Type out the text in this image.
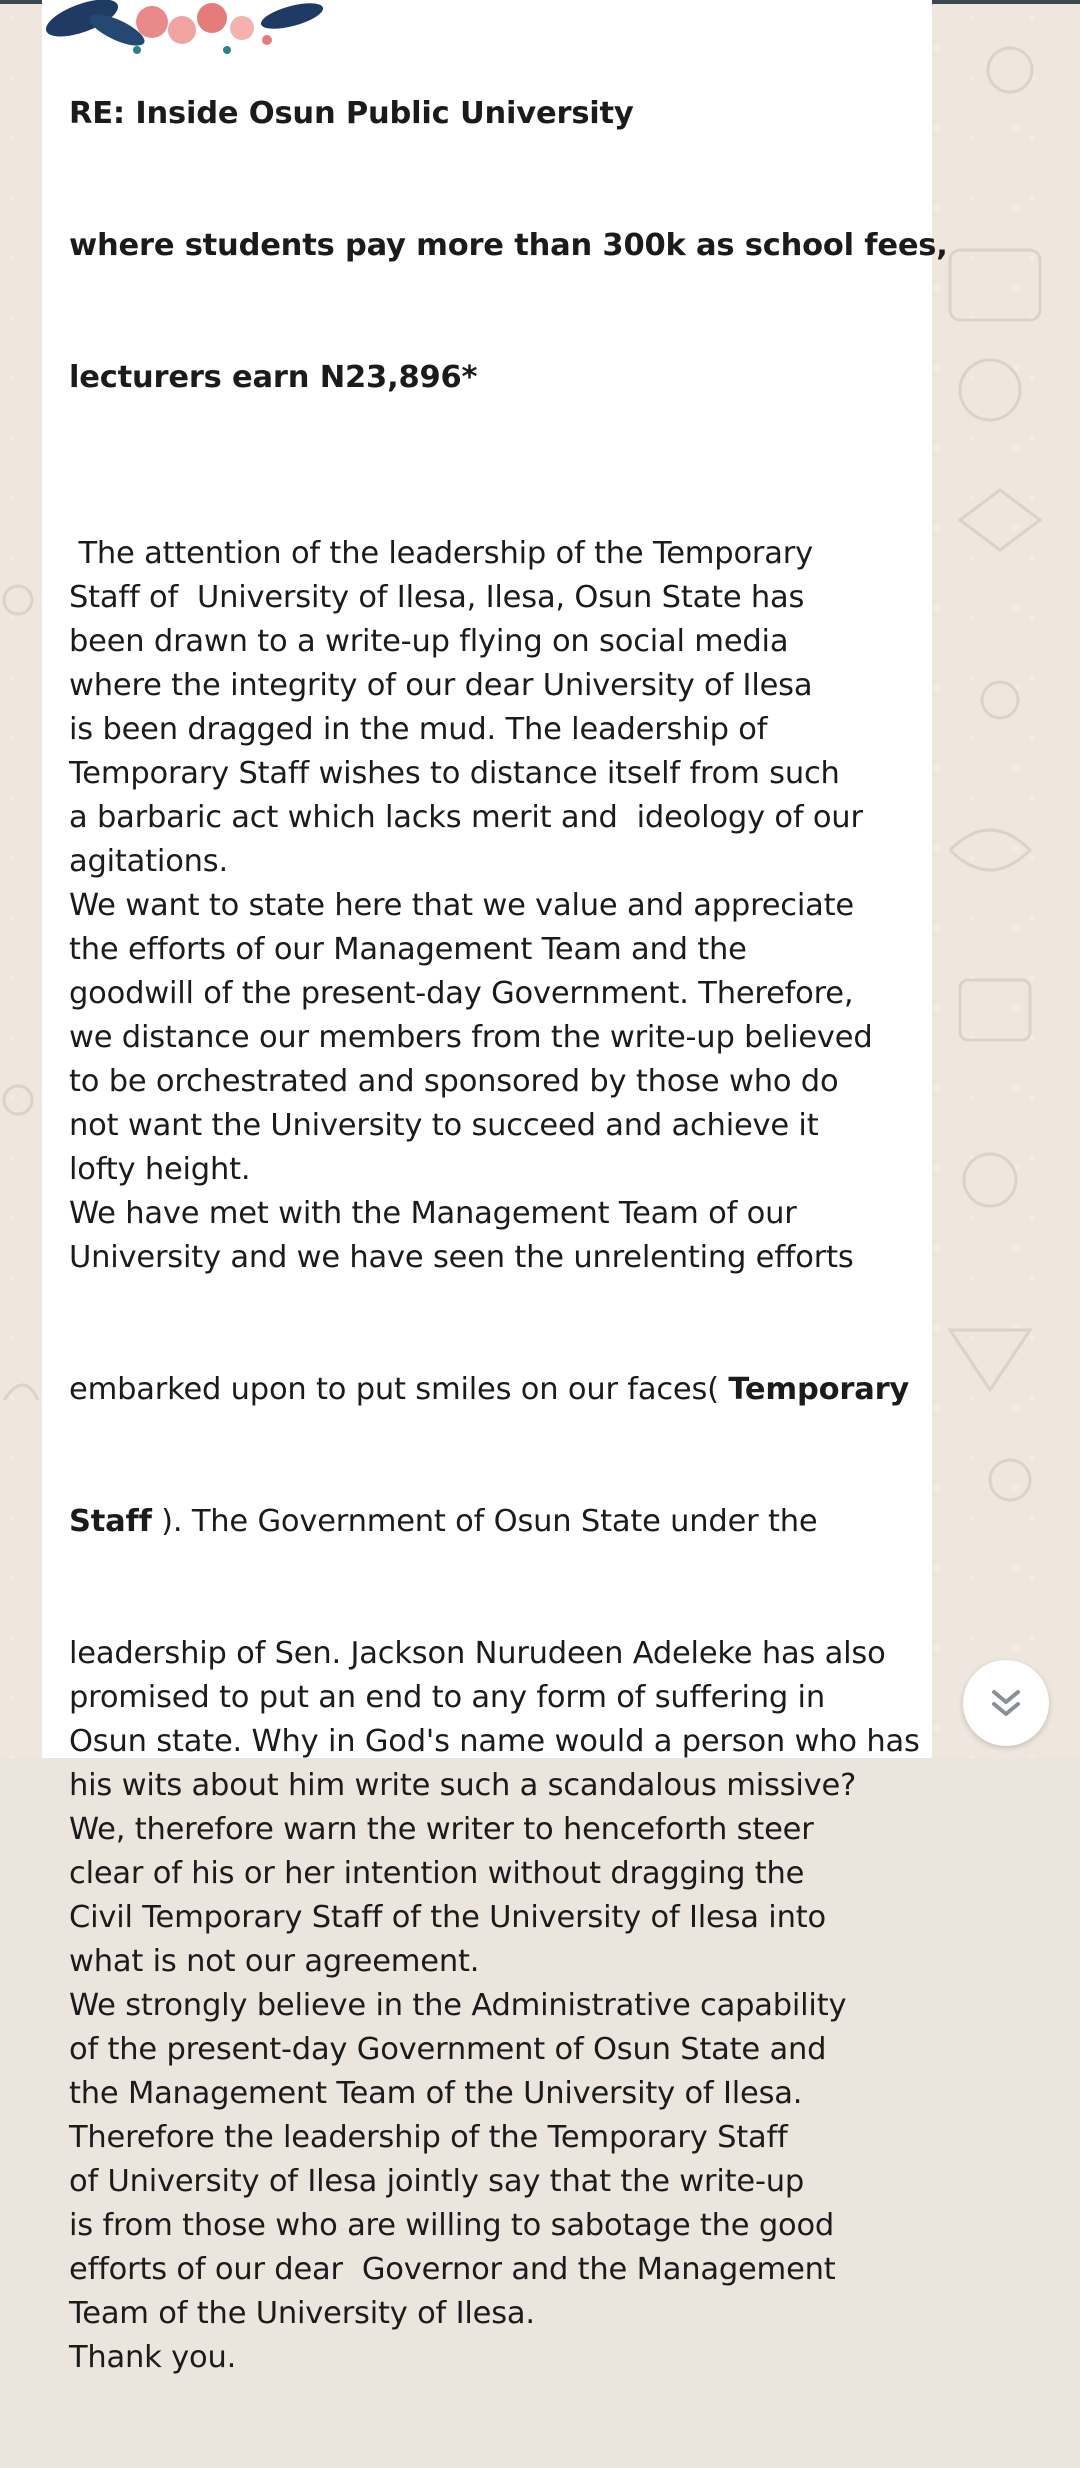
RE: Inside Osun Public University

where students pay more than 300k as school fees,

lecturers earn N23,896*

The attention of the leadership of the Temporary
Staff of  University of Ilesa, Ilesa, Osun State has
been drawn to a write-up flying on social media
where the integrity of our dear University of Ilesa
is been dragged in the mud. The leadership of
Temporary Staff wishes to distance itself from such
a barbaric act which lacks merit and  ideology of our
agitations.
We want to state here that we value and appreciate
the efforts of our Management Team and the
goodwill of the present-day Government. Therefore,
we distance our members from the write-up believed
to be orchestrated and sponsored by those who do
not want the University to succeed and achieve it
lofty height.
We have met with the Management Team of our
University and we have seen the unrelenting efforts

embarked upon to put smiles on our faces( Temporary

Staff ). The Government of Osun State under the

leadership of Sen. Jackson Nurudeen Adeleke has also
promised to put an end to any form of suffering in
Osun state. Why in God's name would a person who has
his wits about him write such a scandalous missive?
We, therefore warn the writer to henceforth steer
clear of his or her intention without dragging the
Civil Temporary Staff of the University of Ilesa into
what is not our agreement.
We strongly believe in the Administrative capability
of the present-day Government of Osun State and
the Management Team of the University of Ilesa.
Therefore the leadership of the Temporary Staff
of University of Ilesa jointly say that the write-up
is from those who are willing to sabotage the good
efforts of our dear  Governor and the Management
Team of the University of Ilesa.
Thank you.
